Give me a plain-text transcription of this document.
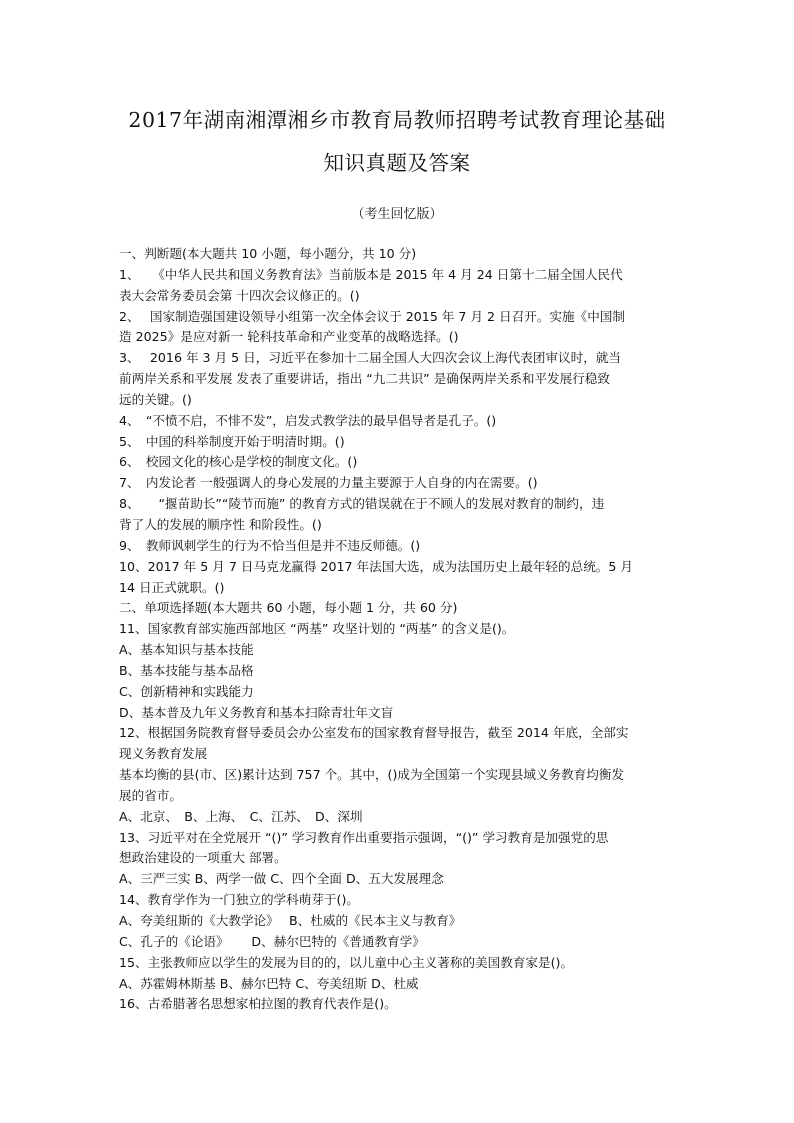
2017年湖南湘潭湘乡市教育局教师招聘考试教育理论基础
知识真题及答案
（考生回忆版）
一、判断题(本大题共 10 小题，每小题分，共 10 分)
1、　　《中华人民共和国义务教育法》当前版本是 2015 年 4 月 24 日第十二届全国人民代
表大会常务委员会第 十四次会议修正的。()
2、　 国家制造强国建设领导小组第一次全体会议于 2015 年 7 月 2 日召开。实施《中国制
造 2025》是应对新一 轮科技革命和产业变革的战略选择。()
3、　 2016 年 3 月 5 日，习近平在参加十二届全国人大四次会议上海代表团审议时，就当
前两岸关系和平发展 发表了重要讲话，指出 “九二共识” 是确保两岸关系和平发展行稳致
远的关键。()
4、　“不愤不启，不悱不发”，启发式教学法的最早倡导者是孔子。()
5、　中国的科举制度开始于明清时期。()
6、　校园文化的核心是学校的制度文化。()
7、　内发论者 一般强调人的身心发展的力量主要源于人自身的内在需要。()
8、　　“揠苗助长”“陵节而施” 的教育方式的错误就在于不顾人的发展对教育的制约，违
背了人的发展的顺序性 和阶段性。()
9、　教师讽刺学生的行为不恰当但是并不违反师德。()
10、2017 年 5 月 7 日马克龙赢得 2017 年法国大选，成为法国历史上最年轻的总统。5 月
14 日正式就职。()
二、单项选择题(本大题共 60 小题，每小题 1 分，共 60 分)
11、国家教育部实施西部地区 “两基” 攻坚计划的 “两基” 的含义是()。
A、基本知识与基本技能
B、基本技能与基本品格
C、创新精神和实践能力
D、基本普及九年义务教育和基本扫除青壮年文盲
12、根据国务院教育督导委员会办公室发布的国家教育督导报告，截至 2014 年底，全部实
现义务教育发展
基本均衡的县(市、区)累计达到 757 个。其中，()成为全国第一个实现县域义务教育均衡发
展的省市。
A、北京、　B、上海、　C、江苏、　D、深圳
13、习近平对在全党展开 “()” 学习教育作出重要指示强调，“()” 学习教育是加强党的思
想政治建设的一项重大 部署。
A、三严三实 B、两学一做 C、四个全面 D、五大发展理念
14、教育学作为一门独立的学科萌芽于()。
A、夸美纽斯的《大教学论》　 B、杜威的《民本主义与教育》
C、孔子的《论语》　　 D、赫尔巴特的《普通教育学》
15、主张教师应以学生的发展为目的的，以儿童中心主义著称的美国教育家是()。
A、苏霍姆林斯基 B、赫尔巴特 C、夸美纽斯 D、杜威
16、古希腊著名思想家柏拉图的教育代表作是()。
